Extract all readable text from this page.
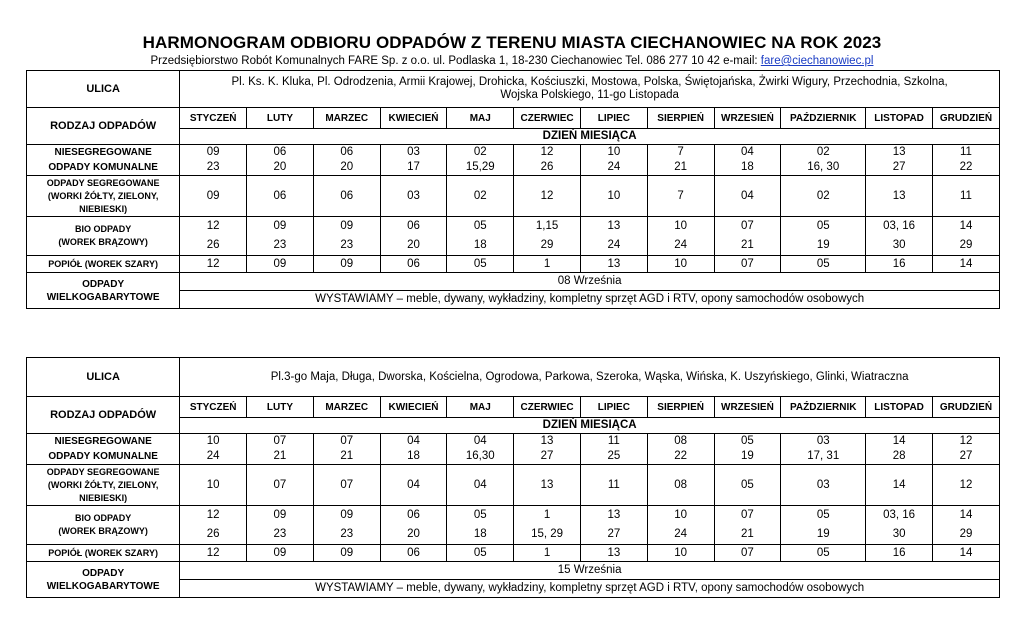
HARMONOGRAM ODBIORU ODPADÓW Z TERENU MIASTA CIECHANOWIEC NA ROK 2023
Przedsiębiorstwo Robót Komunalnych FARE Sp. z o.o. ul. Podlaska 1, 18-230 Ciechanowiec Tel. 086 277 10 42 e-mail: fare@ciechanowiec.pl
ULICA	Pl. Ks. K. Kluka, Pl. Odrodzenia, Armii Krajowej, Drohicka, Kościuszki, Mostowa, Polska, Świętojańska, Żwirki Wigury, Przechodnia, Szkolna,
Wojska Polskiego, 11-go Listopada											
RODZAJ ODPADÓW	STYCZEŃ	LUTY	MARZEC	KWIECIEŃ	MAJ	CZERWIEC	LIPIEC	SIERPIEŃ	WRZESIEŃ	PAŹDZIERNIK	LISTOPAD	GRUDZIEŃ
	DZIEŃ MIESIĄCA											
NIESEGREGOWANE	09	06	06	03	02	12	10	7	04	02	13	11
ODPADY KOMUNALNE	23	20	20	17	15,29	26	24	21	18	16, 30	27	22
ODPADY SEGREGOWANE
(WORKI ŻÓŁTY, ZIELONY,
NIEBIESKI)	09	06	06	03	02	12	10	7	04	02	13	11
BIO ODPADY	12	09	09	06	05	1,15	13	10	07	05	03, 16	14
(WOREK BRĄZOWY)	26	23	23	20	18	29	24	24	21	19	30	29
POPIÓŁ (WOREK SZARY)	12	09	09	06	05	1	13	10	07	05	16	14
ODPADY
WIELKOGABARYTOWE	08 Września											
	WYSTAWIAMY – meble, dywany, wykładziny, kompletny sprzęt AGD i RTV, opony samochodów osobowych											
ULICA	Pl.3-go Maja, Długa, Dworska, Kościelna, Ogrodowa, Parkowa, Szeroka, Wąska, Wińska, K. Uszyńskiego, Glinki, Wiatraczna											
RODZAJ ODPADÓW	STYCZEŃ	LUTY	MARZEC	KWIECIEŃ	MAJ	CZERWIEC	LIPIEC	SIERPIEŃ	WRZESIEŃ	PAŹDZIERNIK	LISTOPAD	GRUDZIEŃ
	DZIEŃ MIESIĄCA											
NIESEGREGOWANE	10	07	07	04	04	13	11	08	05	03	14	12
ODPADY KOMUNALNE	24	21	21	18	16,30	27	25	22	19	17, 31	28	27
ODPADY SEGREGOWANE
(WORKI ŻÓŁTY, ZIELONY,
NIEBIESKI)	10	07	07	04	04	13	11	08	05	03	14	12
BIO ODPADY	12	09	09	06	05	1	13	10	07	05	03, 16	14
(WOREK BRĄZOWY)	26	23	23	20	18	15, 29	27	24	21	19	30	29
POPIÓŁ (WOREK SZARY)	12	09	09	06	05	1	13	10	07	05	16	14
ODPADY
WIELKOGABARYTOWE	15 Września											
	WYSTAWIAMY – meble, dywany, wykładziny, kompletny sprzęt AGD i RTV, opony samochodów osobowych											
